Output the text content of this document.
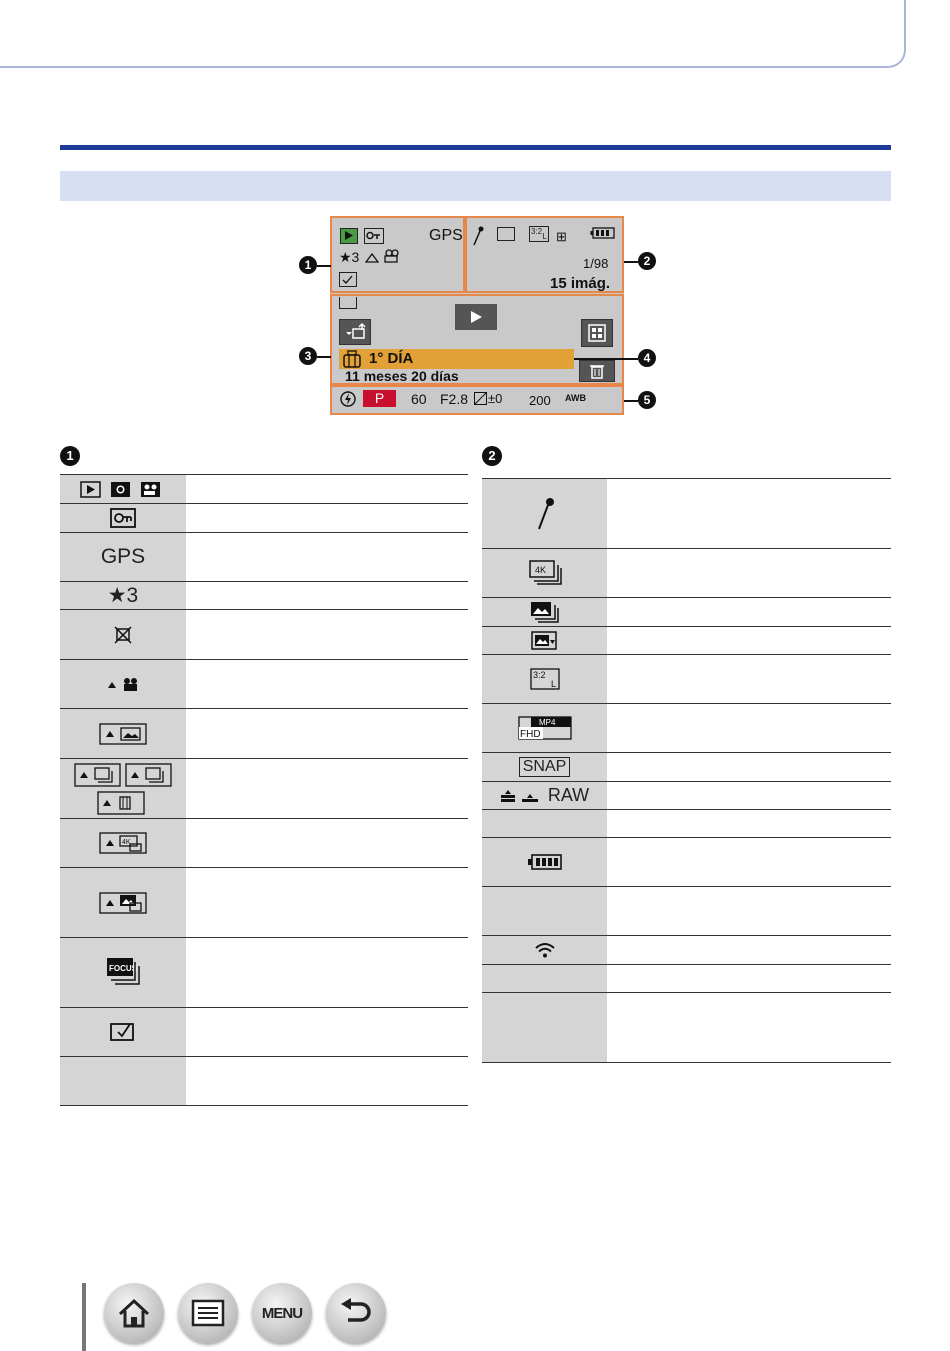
GPS
★3
3:2
L ⊞
1/98
15 imág.
1° DÍA
11 meses 20 días
P	60 F2.8 ±0 200 AWB
1	2
3	4
5
1	2
GPS
★3
4K
FOCUS
4K
3:2
L
MP4
FHD
SNAP
RAW
MENU
